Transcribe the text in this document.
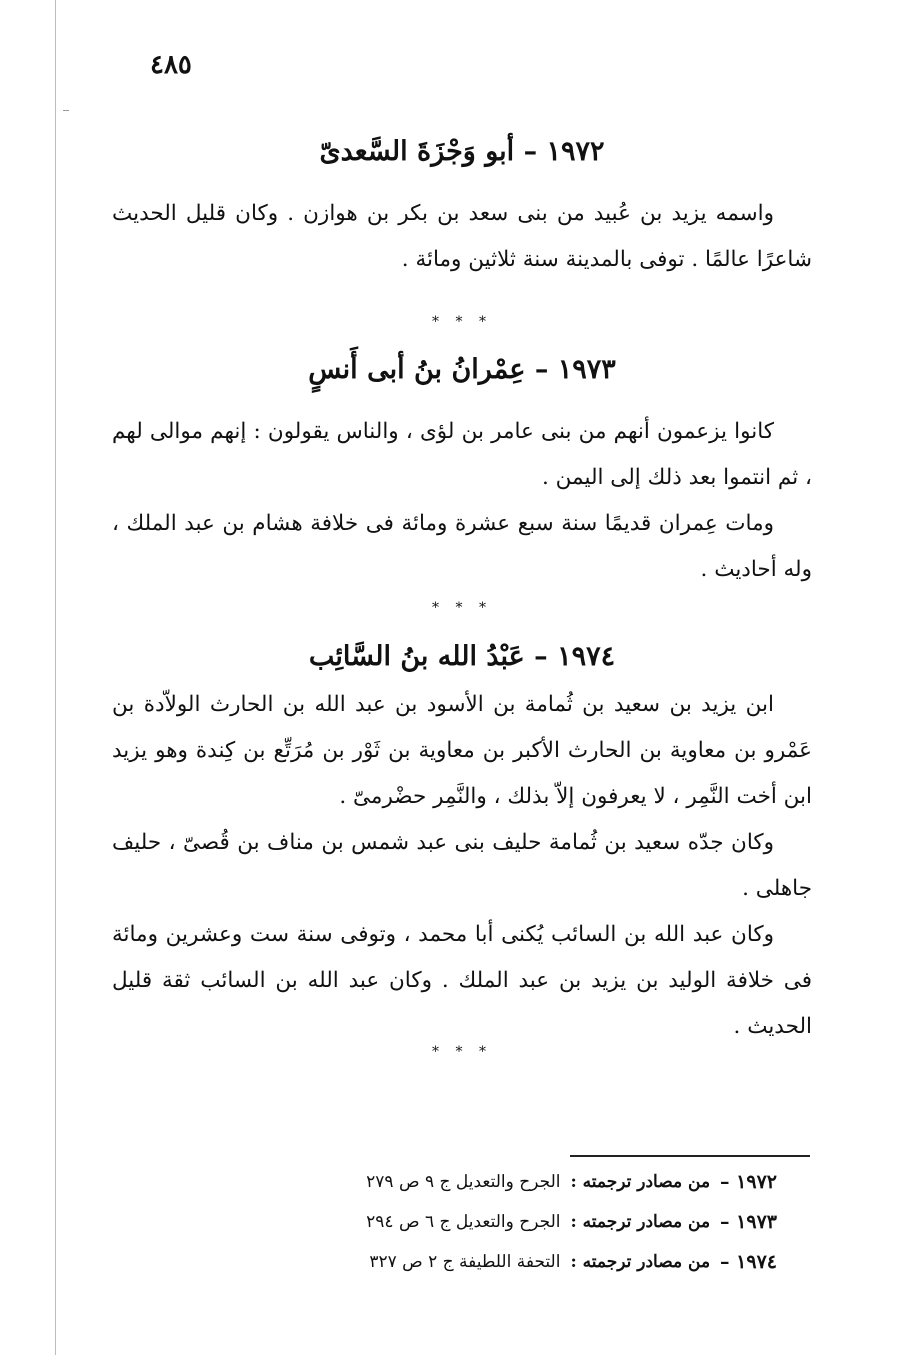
٤٨٥
١٩٧٢ – أبو وَجْزَةَ السَّعدىّ

واسمه يزيد بن عُبيد من بنى سعد بن بكر بن هوازن . وكان قليل الحديث شاعرًا عالمًا . توفى بالمدينة سنة ثلاثين ومائة .

* * *
١٩٧٣ – عِمْرانُ بنُ أبى أَنسٍ

كانوا يزعمون أنهم من بنى عامر بن لؤى ، والناس يقولون : إنهم موالى لهم ، ثم انتموا بعد ذلك إلى اليمن .

ومات عِمران قديمًا سنة سبع عشرة ومائة فى خلافة هشام بن عبد الملك ، وله أحاديث .

* * *
١٩٧٤ – عَبْدُ الله بنُ السَّائِب

ابن يزيد بن سعيد بن ثُمامة بن الأسود بن عبد الله بن الحارث الولاّدة بن عَمْرو بن معاوية بن الحارث الأكبر بن معاوية بن ثَوْر بن مُرَتِّع بن كِندة وهو يزيد ابن أخت النَّمِر ، لا يعرفون إلاّ بذلك ، والنَّمِر حضْرمىّ .

وكان جدّه سعيد بن ثُمامة حليف بنى عبد شمس بن مناف بن قُصىّ ، حليف جاهلى .

وكان عبد الله بن السائب يُكنى أبا محمد ، وتوفى سنة ست وعشرين ومائة فى خلافة الوليد بن يزيد بن عبد الملك . وكان عبد الله بن السائب ثقة قليل الحديث .

* * *
١٩٧٢ –
من مصادر ترجمته :
الجرح والتعديل ج ٩ ص ٢٧٩
١٩٧٣ –
من مصادر ترجمته :
الجرح والتعديل ج ٦ ص ٢٩٤
١٩٧٤ –
من مصادر ترجمته :
التحفة اللطيفة ج ٢ ص ٣٢٧
